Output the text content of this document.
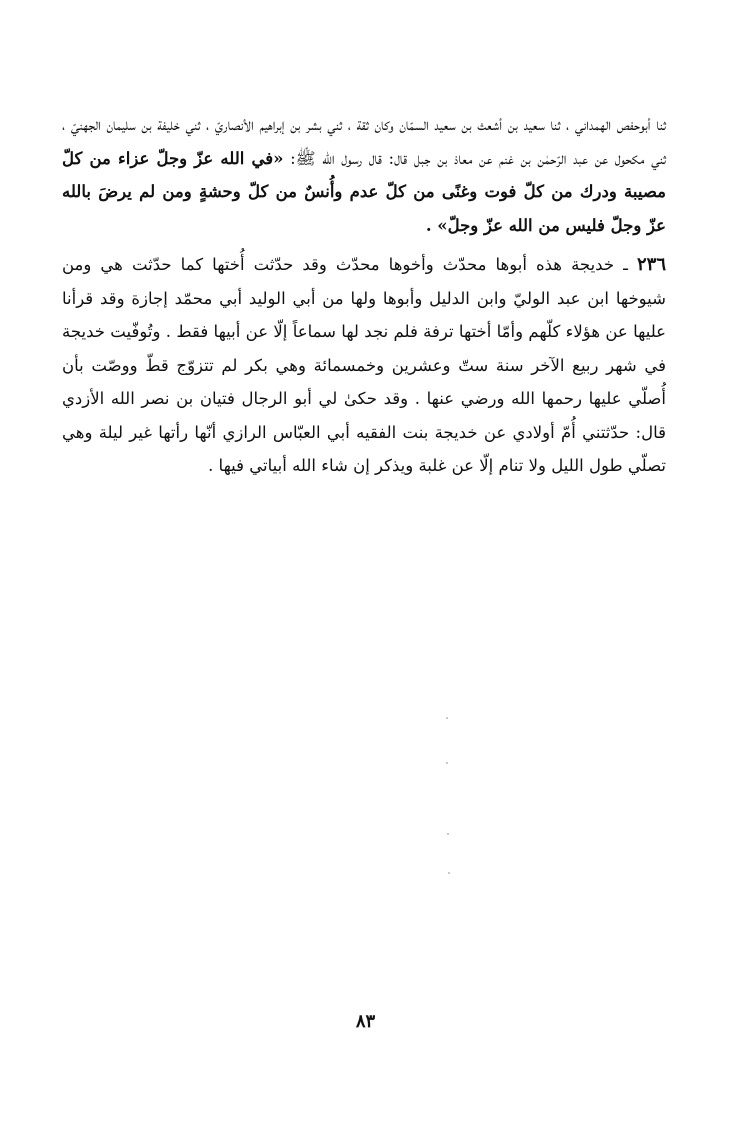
ثنا أبوحفص الهمداني ، ثنا سعيد بن أشعث بن سعيد السمّان وكان ثقة ، ثني بشر بن إبراهيم الأنصاريّ ، ثني خليفة بن سليمان الجهنيّ ، ثني مكحول عن عبد الرّحمٰن بن غنم عن معاذ بن جبل قال: قال رسول الله ﷺ: «في الله عزّ وجلّ عزاء من كلّ مصيبة ودرك من كلّ فوت وغنًى من كلّ عدم وأُنسٌ من كلّ وحشةٍ ومن لم يرضَ بالله عزّ وجلّ فليس من الله عزّ وجلّ» .

٢٣٦ ـ خديجة هذه أبوها محدّث وأخوها محدّث وقد حدّثت أُختها كما حدّثت هي ومن شيوخها ابن عبد الوليّ وابن الدليل وأبوها ولها من أبي الوليد أبي محمّد إجازة وقد قرأنا عليها عن هؤلاء كلّهم وأمّا أختها ترفة فلم نجد لها سماعاً إلّا عن أبيها فقط . وتُوفّيت خديجة في شهر ربيع الآخر سنة ستّ وعشرين وخمسمائة وهي بكر لم تتزوّج قطّ ووصّت بأن أُصلّي عليها رحمها الله ورضي عنها . وقد حكىٰ لي أبو الرجال فتيان بن نصر الله الأزدي قال: حدّثتني أُمّ أولادي عن خديجة بنت الفقيه أبي العبّاس الرازي أنّها رأتها غير ليلة وهي تصلّي طول الليل ولا تنام إلّا عن غلبة ويذكر إن شاء الله أبياتي فيها .

٨٣
